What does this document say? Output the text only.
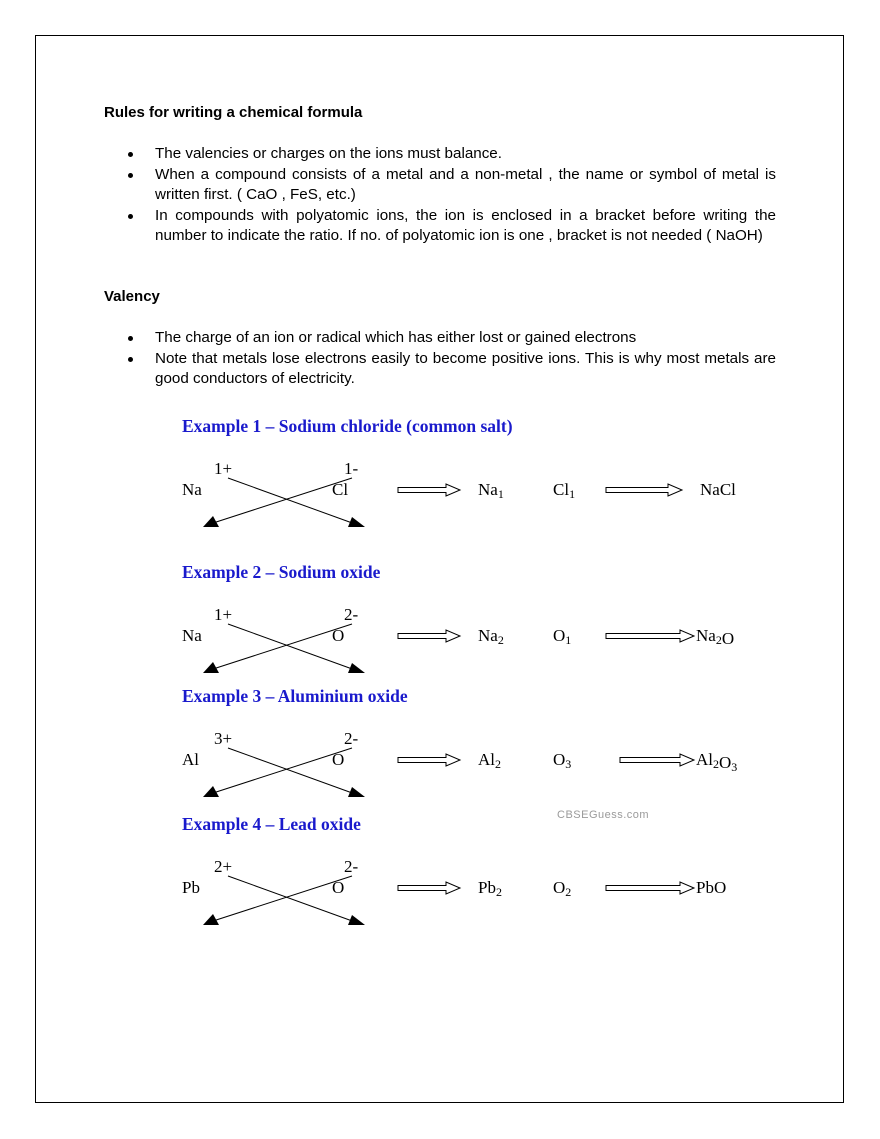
Rules for writing a chemical formula
The valencies or charges on the ions must balance.
When a compound consists of a metal and a non-metal , the name or symbol of metal is written first. ( CaO , FeS, etc.)
In compounds with polyatomic ions, the ion is enclosed in a bracket before writing the number to indicate the ratio. If no. of polyatomic ion is one , bracket is not needed ( NaOH)
Valency
The charge of an ion or radical which has either lost or gained electrons
Note that metals lose electrons easily to become positive ions. This is why most metals are good conductors of electricity.
Example 1 – Sodium chloride (common salt)
1+	1-
Na	Cl	Na1	Cl1	NaCl
Example 2 – Sodium oxide
1+	2-
Na	O	Na2	O1	Na2O
Example 3 – Aluminium oxide
3+	2-
Al	O	Al2	O3	Al2O3
Example 4 – Lead oxide
2+	2-
Pb	O	Pb2	O2	PbO
CBSEGuess.com
